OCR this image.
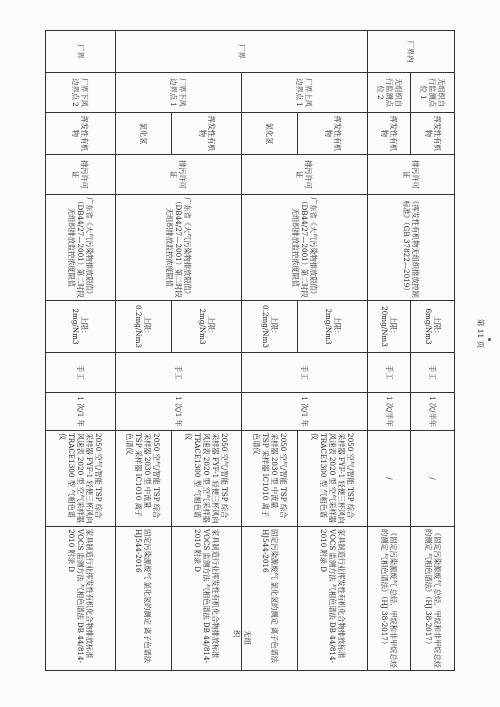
厂界内	无组织自行监测点位 1	挥发性有机物	排污许可证	《挥发性有机物无组织排放控制标准》（GB 37822—2019）	上限：6mg/Nm3	手工	1 次/半年	/	《固定污染源废气 总烃、甲烷和非甲烷总烃的测定 气相色谱法》（HJ 38-2017）
	无组织自行监测点位 2	挥发性有机物			上限：20mg/Nm3	手工	1 次/半年	/	《固定污染源废气 总烃、甲烷和非甲烷总烃的测定 气相色谱法》（HJ 38-2017）
厂界	厂界上风边界点 1	挥发性有机物	排污许可证	广东省《大气污染物排放限值》（DB44/27—2001）第二时段无组织排放监控浓度限值	上限：2mg/Nm3	手工	1 次/1 年	2050 空气/智能 TSP 综合采样器 FYF-1 轻便三杯风向风速表 2020 型 空气采样器 TRACE1300 型 气相色谱仪	家具制造行业挥发性有机化合物排放标准 VOCS 监测方法 气相色谱法 DB 44/814-2010 附录 D
		氯化氢			上限：0.2mg/Nm3			2050 空气/智能 TSP 综合采样器 2030 型 中流量 TSP 采样器 IC1010 离子色谱仪	固定污染源废气 氯化氢的测定 离子色谱法 HJ544-2016
	厂界下风边界点 1	挥发性有机物	排污许可证	广东省《大气污染物排放限值》（DB44/27—2001）第二时段无组织排放监控浓度限值	上限：2mg/Nm3	手工	1 次/1 年	2050 空气/智能 TSP 综合采样器 FYF-1 轻便三杯风向风速表 2020 型 空气采样器 TRACE1300 型 气相色谱仪	家具制造行业挥发性有机化合物排放标准 VOCS 监测方法 气相色谱法 DB 44/814-2010 附录 D
		氯化氢			上限：0.2mg/Nm3			2050 空气/智能 TSP 综合采样器 2030 型 中流量 TSP 采样器 IC1010 离子色谱仪	固定污染源废气 氯化氢的测定 离子色谱法 HJ544-2016
厂界	厂界下风边界点 2	挥发性有机物	排污许可证	广东省《大气污染物排放限值》（DB44/27—2001）第二时段无组织排放监控浓度限值	上限：2mg/Nm3	手工	1 次/1 年	2050 空气/智能 TSP 综合采样器 FYF-1 轻便三杯风向风速表 2020 型 空气采样器 TRACE1300 型 气相色谱仪	家具制造行业挥发性有机化合物排放标准 VOCS 监测方法 气相色谱法 DB 44/814-2010 附录 D
无组织
第 11 页
